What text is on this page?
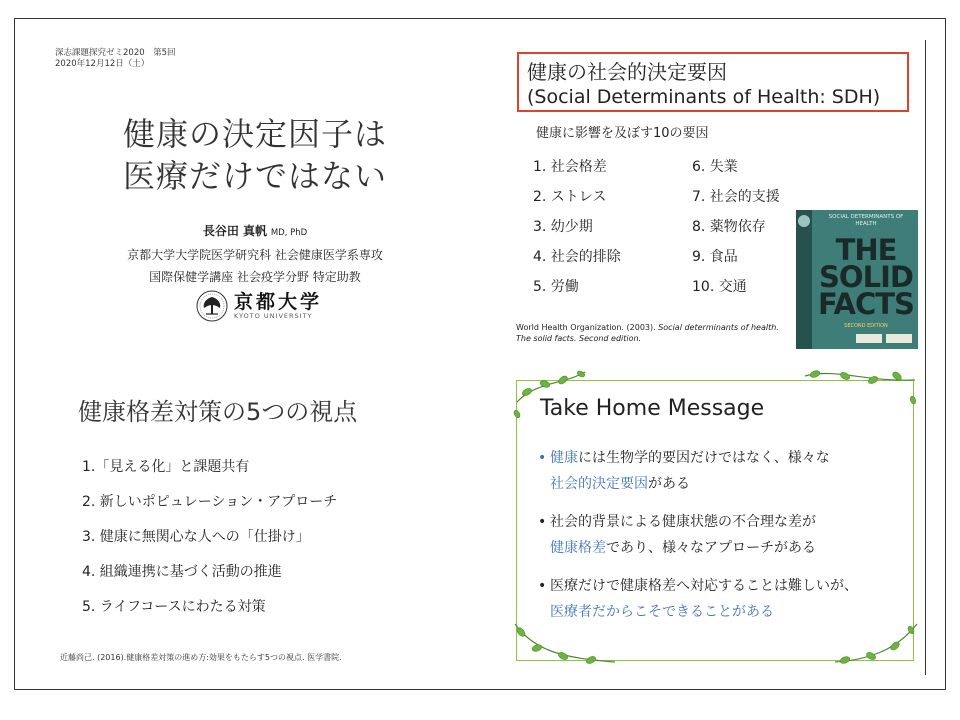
深志課題探究ゼミ2020　第5回
2020年12月12日（土）
健康の決定因子は
医療だけではない
長谷田 真帆 MD, PhD
京都大学大学院医学研究科 社会健康医学系専攻
国際保健学講座 社会疫学分野 特定助教
京都大学
KYOTO UNIVERSITY
健康格差対策の5つの視点
1.「見える化」と課題共有
2. 新しいポピュレーション・アプローチ
3. 健康に無関心な人への「仕掛け」
4. 組織連携に基づく活動の推進
5. ライフコースにわたる対策
近藤尚己. (2016).健康格差対策の進め方:効果をもたらす5つの視点. 医学書院.
健康の社会的決定要因
(Social Determinants of Health: SDH)
健康に影響を及ぼす10の要因
1. 社会格差
2. ストレス
3. 幼少期
4. 社会的排除
5. 労働
6. 失業
7. 社会的支援
8. 薬物依存
9. 食品
10. 交通
SOCIAL DETERMINANTS OF HEALTH
THE
SOLID
FACTS
SECOND EDITION
World Health Organization. (2003). Social determinants of health. The solid facts. Second edition.
Take Home Message
• 健康には生物学的要因だけではなく、様々な
社会的決定要因がある
• 社会的背景による健康状態の不合理な差が
健康格差であり、様々なアプローチがある
• 医療だけで健康格差へ対応することは難しいが、
医療者だからこそできることがある
